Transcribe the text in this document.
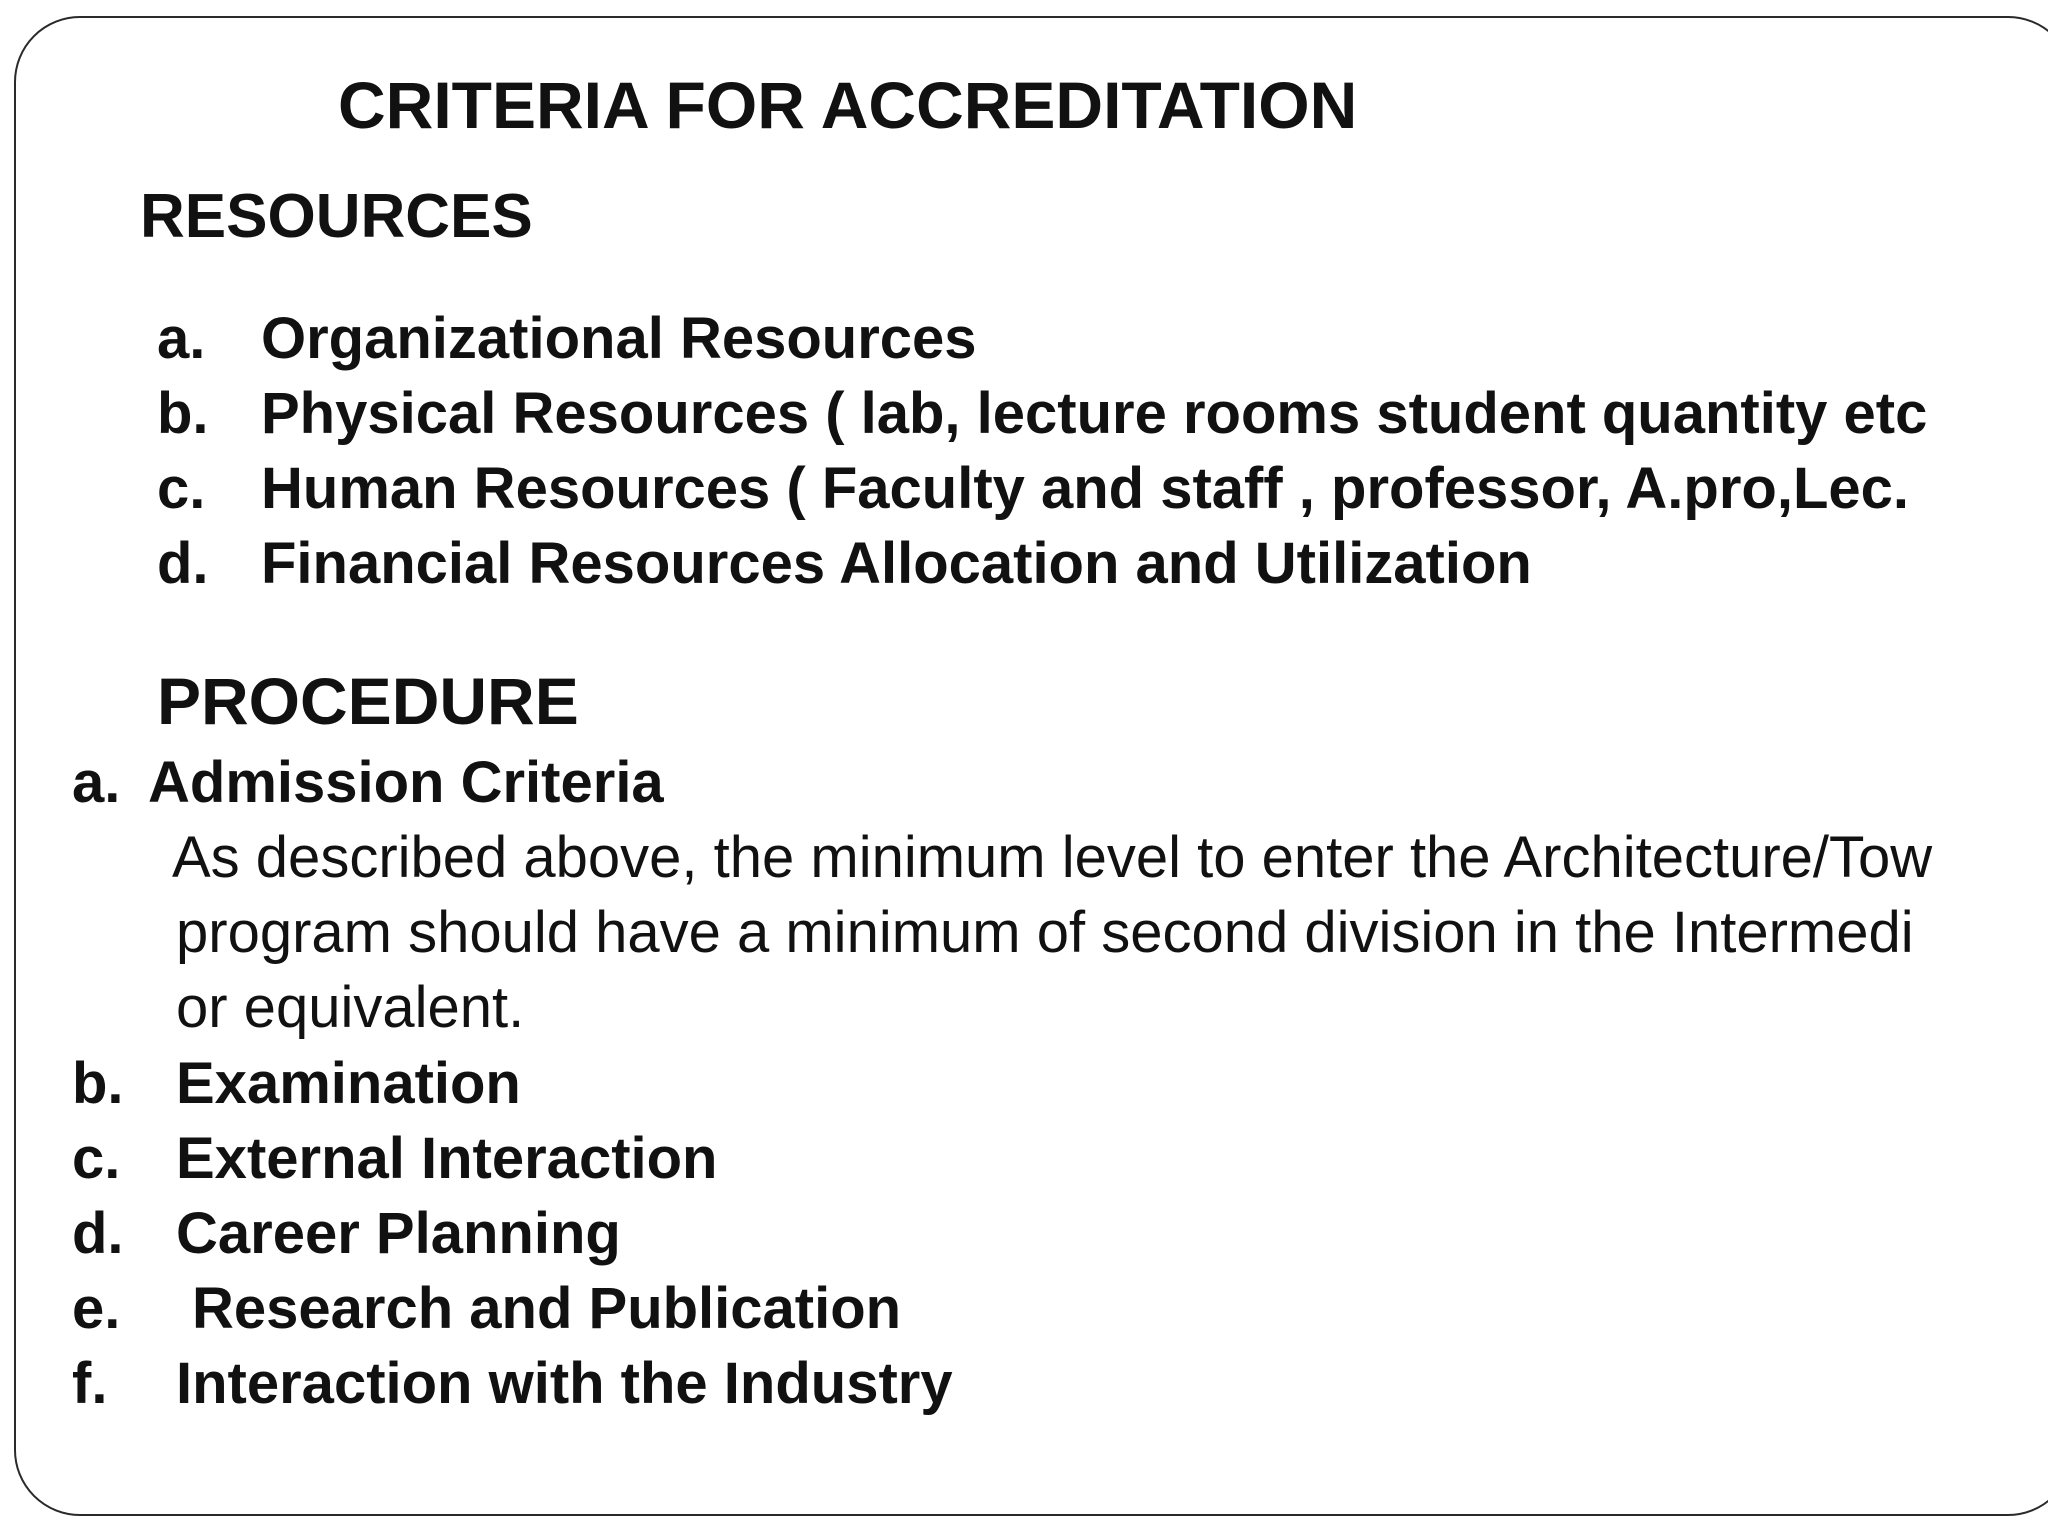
CRITERIA FOR ACCREDITATION
RESOURCES
a. Organizational Resources
b. Physical Resources ( lab, lecture rooms student quantity etc
c. Human Resources ( Faculty and staff , professor, A.pro,Lec.
d. Financial Resources Allocation and Utilization
PROCEDURE
a. Admission Criteria
As described above, the minimum level to enter the Architecture/Tow
program should have a minimum of second division in the Intermedi
or equivalent.
b. Examination
c. External Interaction
d. Career Planning
e. Research and Publication
f. Interaction with the Industry
